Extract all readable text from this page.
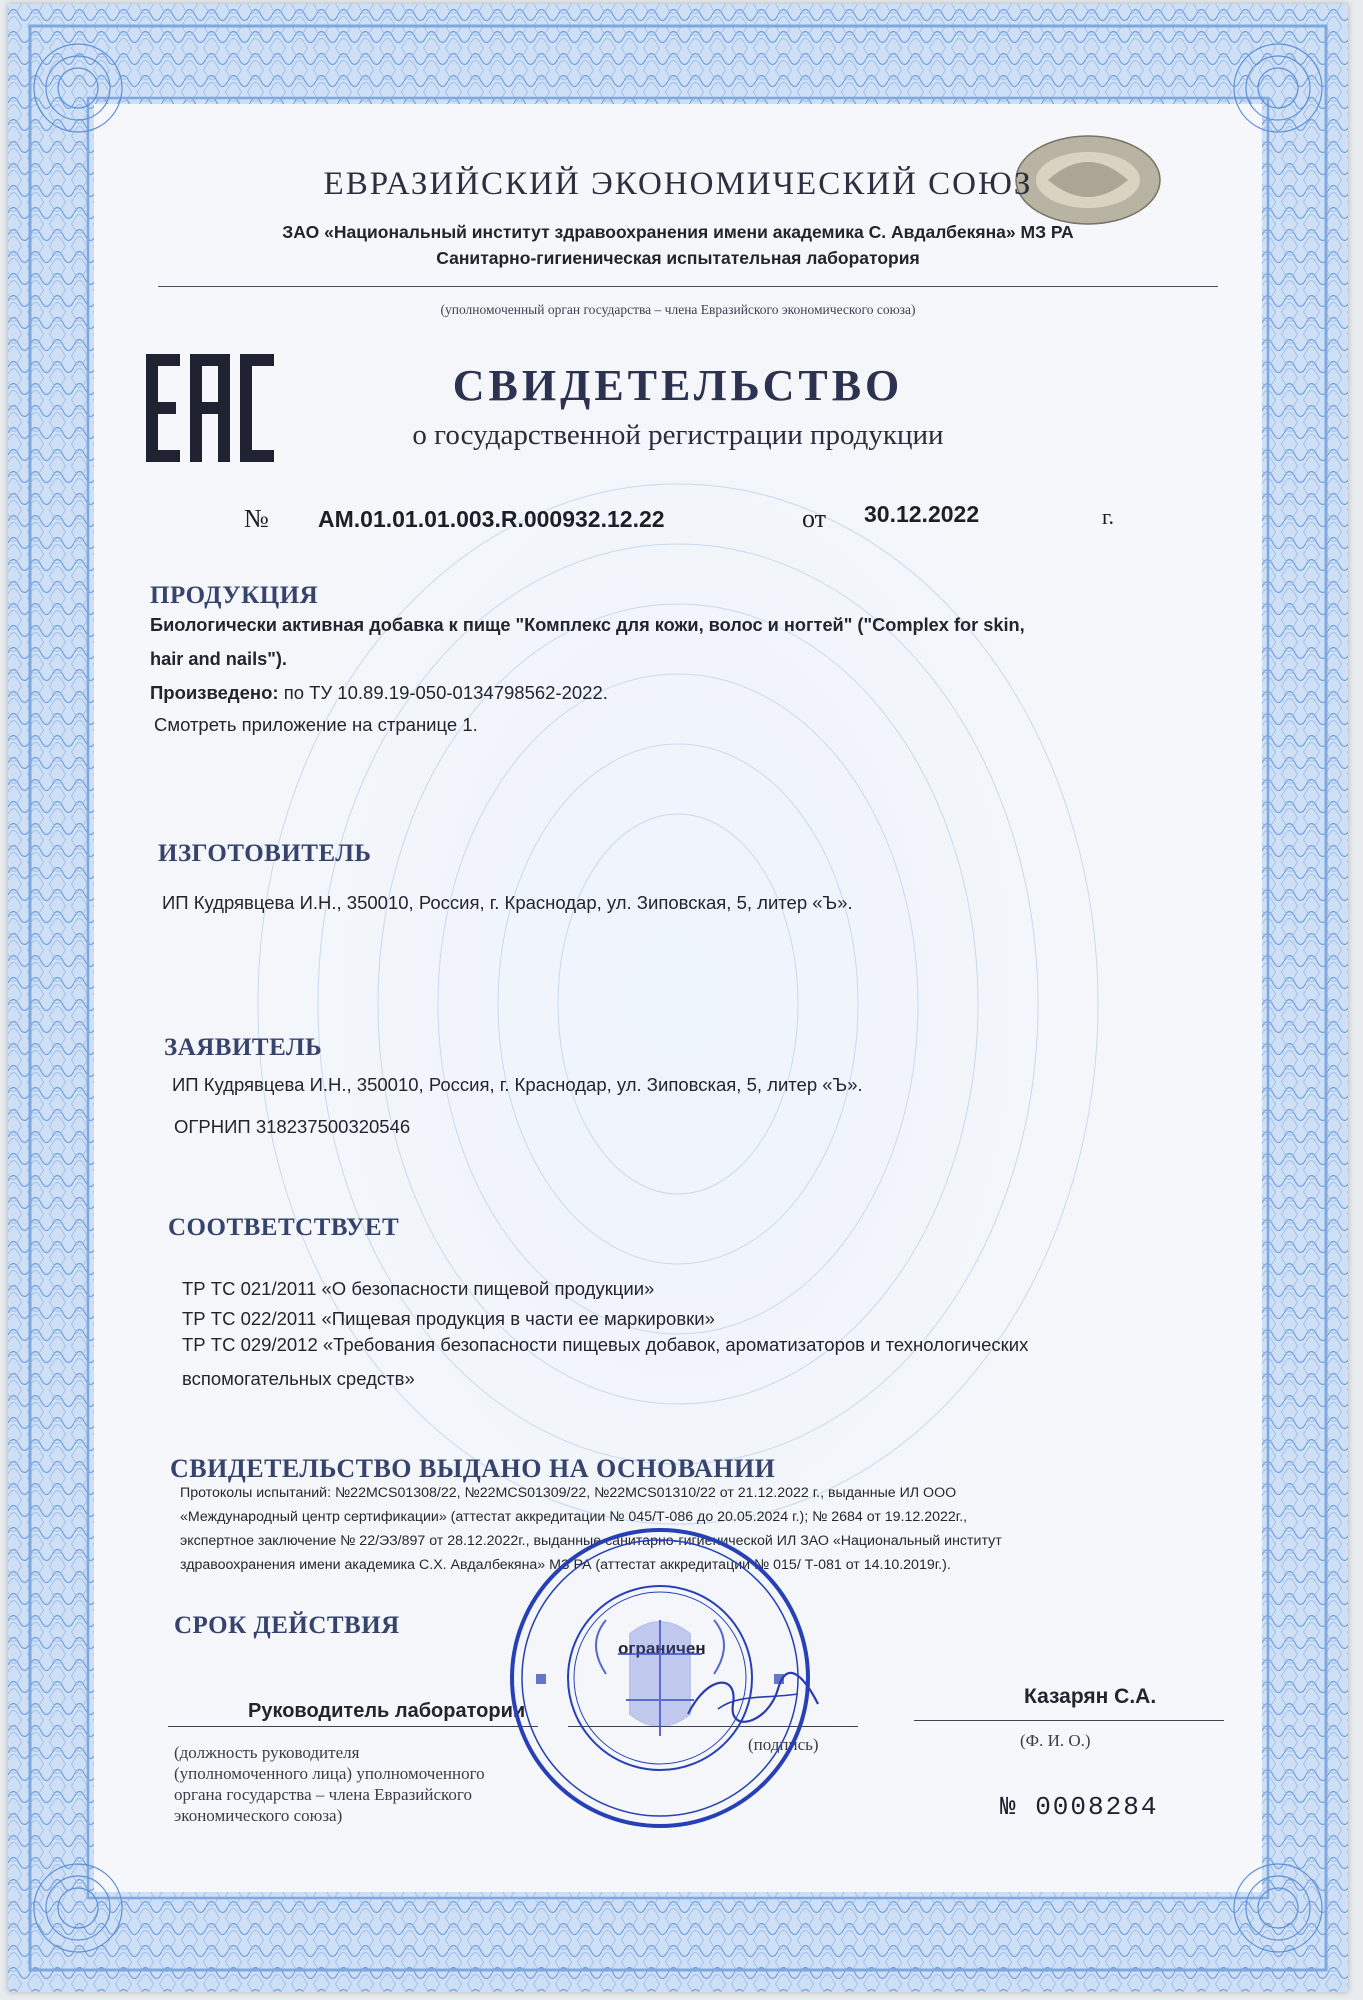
ЕВРАЗИЙСКИЙ ЭКОНОМИЧЕСКИЙ СОЮЗ
ЗАО «Национальный институт здравоохранения имени академика С. Авдалбекяна» МЗ РА
Санитарно-гигиеническая испытательная лаборатория
(уполномоченный орган государства – члена Евразийского экономического союза)
СВИДЕТЕЛЬСТВО
о государственной регистрации продукции
№ AM.01.01.01.003.R.000932.12.22	от 30.12.2022	г.
ПРОДУКЦИЯ
Биологически активная добавка к пище "Комплекс для кожи, волос и ногтей" ("Complex for skin,
hair and nails").
Произведено: по ТУ 10.89.19-050-0134798562-2022.
Смотреть приложение на странице 1.
ИЗГОТОВИТЕЛЬ
ИП Кудрявцева И.Н., 350010, Россия, г. Краснодар, ул. Зиповская, 5, литер «Ъ».
ЗАЯВИТЕЛЬ
ИП Кудрявцева И.Н., 350010, Россия, г. Краснодар, ул. Зиповская, 5, литер «Ъ».
ОГРНИП 318237500320546
СООТВЕТСТВУЕТ
ТР ТС 021/2011 «О безопасности пищевой продукции»
ТР ТС 022/2011 «Пищевая продукция в части ее маркировки»
ТР ТС 029/2012 «Требования безопасности пищевых добавок, ароматизаторов и технологических
вспомогательных средств»
СВИДЕТЕЛЬСТВО ВЫДАНО НА ОСНОВАНИИ
Протоколы испытаний: №22MCS01308/22, №22MCS01309/22, №22MCS01310/22 от 21.12.2022 г., выданные ИЛ ООО
«Международный центр сертификации» (аттестат аккредитации № 045/Т-086 до 20.05.2024 г.); № 2684 от 19.12.2022г.,
экспертное заключение № 22/ЭЗ/897 от 28.12.2022г., выданные санитарно-гигиенической ИЛ ЗАО «Национальный институт
здравоохранения имени академика С.Х. Авдалбекяна» МЗ РА (аттестат аккредитации № 015/ Т-081 от 14.10.2019г.).
СРОК ДЕЙСТВИЯ
ограничен
Руководитель лаборатории
Казарян С.А.
(должность руководителя
(уполномоченного лица) уполномоченного
органа государства – члена Евразийского
экономического союза)
(подпись)	(Ф. И. О.)
№ 0008284
